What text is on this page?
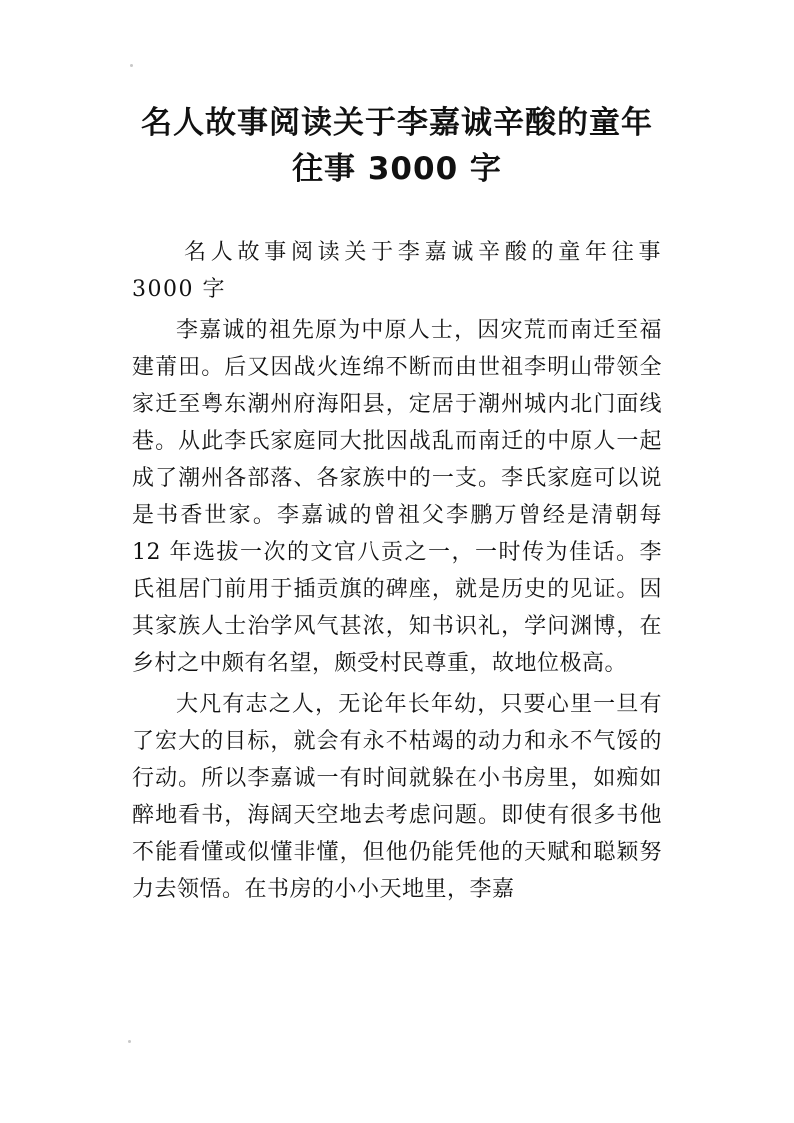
名人故事阅读关于李嘉诚辛酸的童年
往事 3000 字

名人故事阅读关于李嘉诚辛酸的童年往事 3000 字

李嘉诚的祖先原为中原人士，因灾荒而南迁至福建莆田。后又因战火连绵不断而由世祖李明山带领全家迁至粤东潮州府海阳县，定居于潮州城内北门面线巷。从此李氏家庭同大批因战乱而南迁的中原人一起成了潮州各部落、各家族中的一支。李氏家庭可以说是书香世家。李嘉诚的曾祖父李鹏万曾经是清朝每 12 年选拔一次的文官八贡之一，一时传为佳话。李氏祖居门前用于插贡旗的碑座，就是历史的见证。因其家族人士治学风气甚浓，知书识礼，学问渊博，在乡村之中颇有名望，颇受村民尊重，故地位极高。

大凡有志之人，无论年长年幼，只要心里一旦有了宏大的目标，就会有永不枯竭的动力和永不气馁的行动。所以李嘉诚一有时间就躲在小书房里，如痴如醉地看书，海阔天空地去考虑问题。即使有很多书他不能看懂或似懂非懂，但他仍能凭他的天赋和聪颖努力去领悟。在书房的小小天地里，李嘉
